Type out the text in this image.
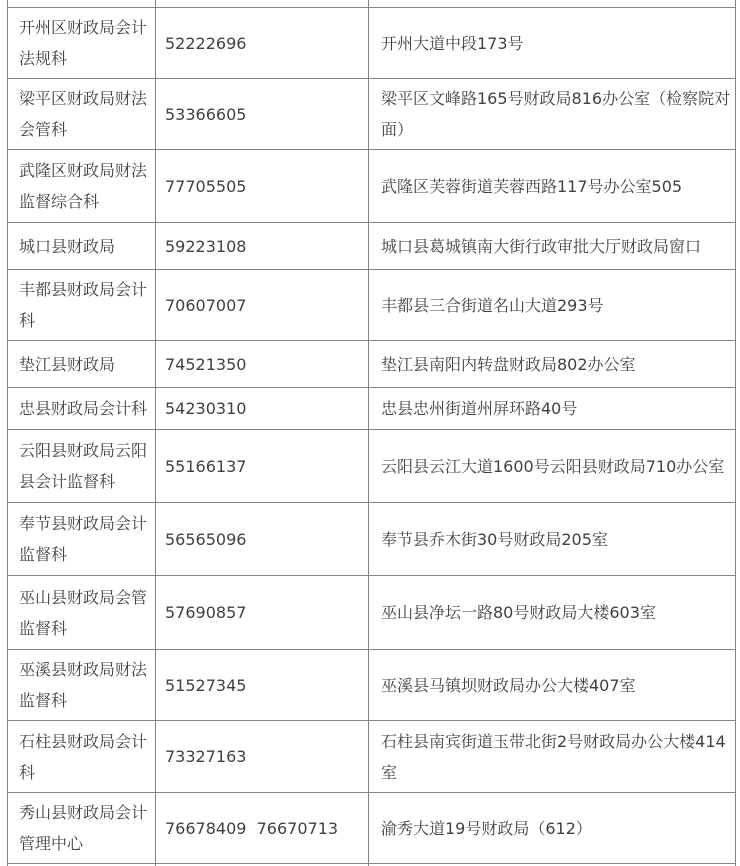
开州区财政局会计法规科	52222696	开州大道中段173号
梁平区财政局财法会管科	53366605	梁平区文峰路165号财政局816办公室（检察院对面）
武隆区财政局财法监督综合科	77705505	武隆区芙蓉街道芙蓉西路117号办公室505
城口县财政局	59223108	城口县葛城镇南大街行政审批大厅财政局窗口
丰都县财政局会计科	70607007	丰都县三合街道名山大道293号
垫江县财政局	74521350	垫江县南阳内转盘财政局802办公室
忠县财政局会计科	54230310	忠县忠州街道州屏环路40号
云阳县财政局云阳县会计监督科	55166137	云阳县云江大道1600号云阳县财政局710办公室
奉节县财政局会计监督科	56565096	奉节县乔木街30号财政局205室
巫山县财政局会管监督科	57690857	巫山县净坛一路80号财政局大楼603室
巫溪县财政局财法监督科	51527345	巫溪县马镇坝财政局办公大楼407室
石柱县财政局会计科	73327163	石柱县南宾街道玉带北街2号财政局办公大楼414室
秀山县财政局会计管理中心	76678409  76670713	渝秀大道19号财政局（612）
